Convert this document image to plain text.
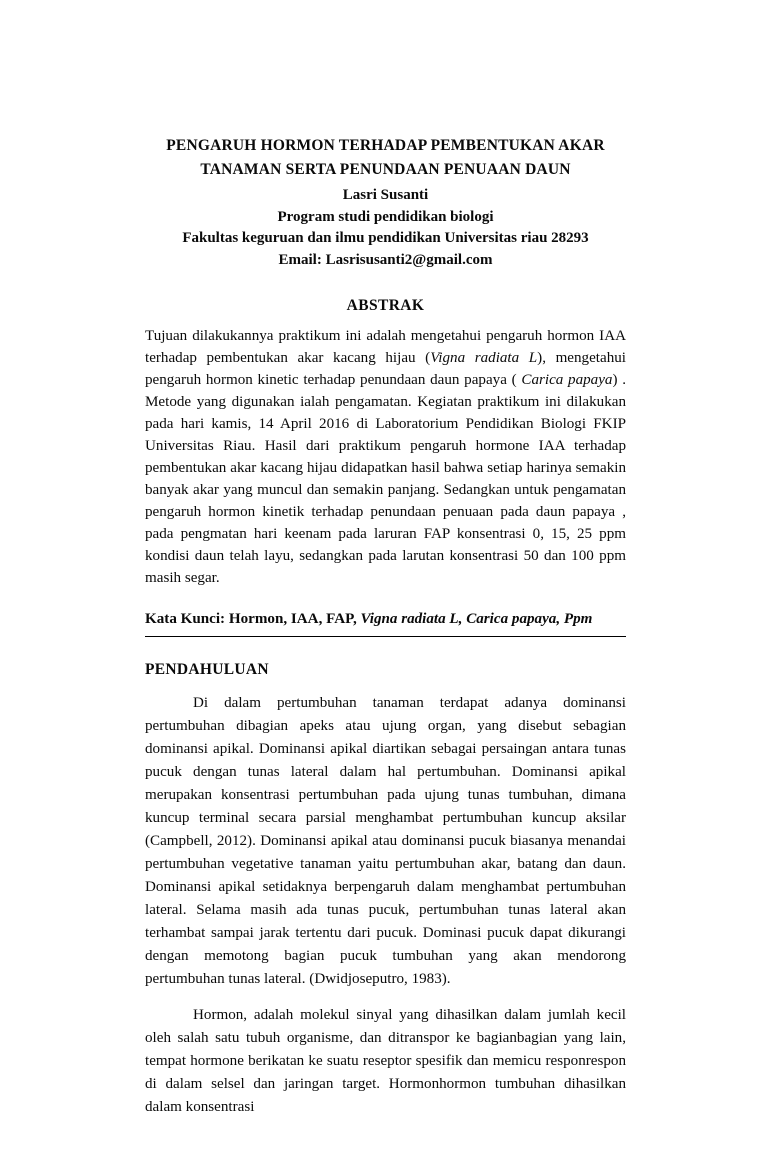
PENGARUH HORMON TERHADAP PEMBENTUKAN AKAR
TANAMAN SERTA PENUNDAAN PENUAAN DAUN
Lasri Susanti
Program studi pendidikan biologi
Fakultas keguruan dan ilmu pendidikan Universitas riau 28293
Email: Lasrisusanti2@gmail.com
ABSTRAK

Tujuan dilakukannya praktikum ini adalah mengetahui pengaruh hormon IAA terhadap pembentukan akar kacang hijau (Vigna radiata L), mengetahui pengaruh hormon kinetic terhadap penundaan daun papaya ( Carica papaya) . Metode yang digunakan ialah pengamatan. Kegiatan praktikum ini dilakukan pada hari kamis, 14 April 2016 di Laboratorium Pendidikan Biologi FKIP Universitas Riau. Hasil dari praktikum pengaruh hormone IAA terhadap pembentukan akar kacang hijau didapatkan hasil bahwa setiap harinya semakin banyak akar yang muncul dan semakin panjang. Sedangkan untuk pengamatan pengaruh hormon kinetik terhadap penundaan penuaan pada daun papaya , pada pengmatan hari keenam pada laruran FAP konsentrasi 0, 15, 25 ppm kondisi daun telah layu, sedangkan pada larutan konsentrasi 50 dan 100 ppm masih segar.

Kata Kunci: Hormon, IAA, FAP, Vigna radiata L, Carica papaya, Ppm
PENDAHULUAN

Di dalam pertumbuhan tanaman terdapat adanya dominansi pertumbuhan dibagian apeks atau ujung organ, yang disebut sebagian dominansi apikal. Dominansi apikal diartikan sebagai persaingan antara tunas pucuk dengan tunas lateral dalam hal pertumbuhan. Dominansi apikal merupakan konsentrasi pertumbuhan pada ujung tunas tumbuhan, dimana kuncup terminal secara parsial menghambat pertumbuhan kuncup aksilar (Campbell, 2012). Dominansi apikal atau dominansi pucuk biasanya menandai pertumbuhan vegetative tanaman yaitu pertumbuhan akar, batang dan daun. Dominansi apikal setidaknya berpengaruh dalam menghambat pertumbuhan lateral. Selama masih ada tunas pucuk, pertumbuhan tunas lateral akan terhambat sampai jarak tertentu dari pucuk. Dominasi pucuk dapat dikurangi dengan memotong bagian pucuk tumbuhan yang akan mendorong pertumbuhan tunas lateral. (Dwidjoseputro, 1983).

Hormon, adalah molekul sinyal yang dihasilkan dalam jumlah kecil oleh salah satu tubuh organisme, dan ditranspor ke bagianbagian yang lain, tempat hormone berikatan ke suatu reseptor spesifik dan memicu responrespon di dalam selsel dan jaringan target. Hormonhormon tumbuhan dihasilkan dalam konsentrasi
